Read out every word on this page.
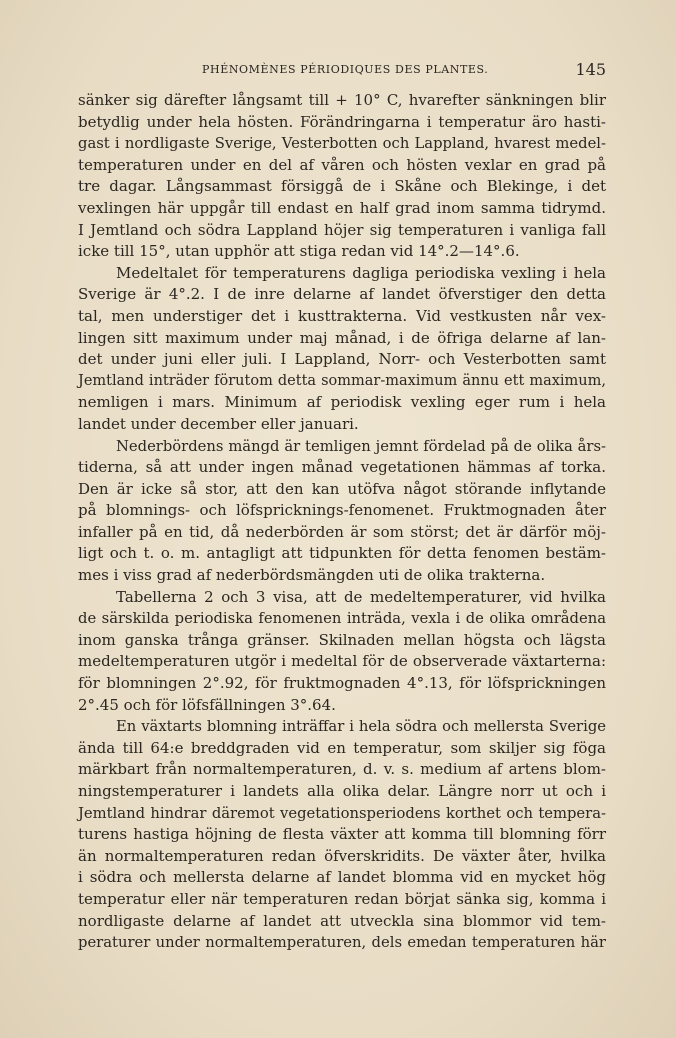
PHÉNOMÈNES PÉRIODIQUES DES PLANTES.	145
sänker sig därefter långsamt till + 10° C, hvarefter sänkningen blir
betydlig under hela hösten. Förändringarna i temperatur äro hasti-
gast i nordligaste Sverige, Vesterbotten och Lappland, hvarest medel-
temperaturen under en del af våren och hösten vexlar en grad på
tre dagar. Långsammast försiggå de i Skåne och Blekinge, i det
vexlingen här uppgår till endast en half grad inom samma tidrymd.
I Jemtland och södra Lappland höjer sig temperaturen i vanliga fall
icke till 15°, utan upphör att stiga redan vid 14°.2—14°.6.
Medeltalet för temperaturens dagliga periodiska vexling i hela
Sverige är 4°.2. I de inre delarne af landet öfverstiger den detta
tal, men understiger det i kusttrakterna. Vid vestkusten når vex-
lingen sitt maximum under maj månad, i de öfriga delarne af lan-
det under juni eller juli. I Lappland, Norr- och Vesterbotten samt
Jemtland inträder förutom detta sommar-maximum ännu ett maximum,
nemligen i mars. Minimum af periodisk vexling eger rum i hela
landet under december eller januari.
Nederbördens mängd är temligen jemnt fördelad på de olika års-
tiderna, så att under ingen månad vegetationen hämmas af torka.
Den är icke så stor, att den kan utöfva något störande inflytande
på blomnings- och löfspricknings-fenomenet. Fruktmognaden åter
infaller på en tid, då nederbörden är som störst; det är därför möj-
ligt och t. o. m. antagligt att tidpunkten för detta fenomen bestäm-
mes i viss grad af nederbördsmängden uti de olika trakterna.
Tabellerna 2 och 3 visa, att de medeltemperaturer, vid hvilka
de särskilda periodiska fenomenen inträda, vexla i de olika områdena
inom ganska trånga gränser. Skilnaden mellan högsta och lägsta
medeltemperaturen utgör i medeltal för de observerade växtarterna:
för blomningen 2°.92, för fruktmognaden 4°.13, för löfsprickningen
2°.45 och för löfsfällningen 3°.64.
En växtarts blomning inträffar i hela södra och mellersta Sverige
ända till 64:e breddgraden vid en temperatur, som skiljer sig föga
märkbart från normaltemperaturen, d. v. s. medium af artens blom-
ningstemperaturer i landets alla olika delar. Längre norr ut och i
Jemtland hindrar däremot vegetationsperiodens korthet och tempera-
turens hastiga höjning de flesta växter att komma till blomning förr
än normaltemperaturen redan öfverskridits. De växter åter, hvilka
i södra och mellersta delarne af landet blomma vid en mycket hög
temperatur eller när temperaturen redan börjat sänka sig, komma i
nordligaste delarne af landet att utveckla sina blommor vid tem-
peraturer under normaltemperaturen, dels emedan temperaturen här
